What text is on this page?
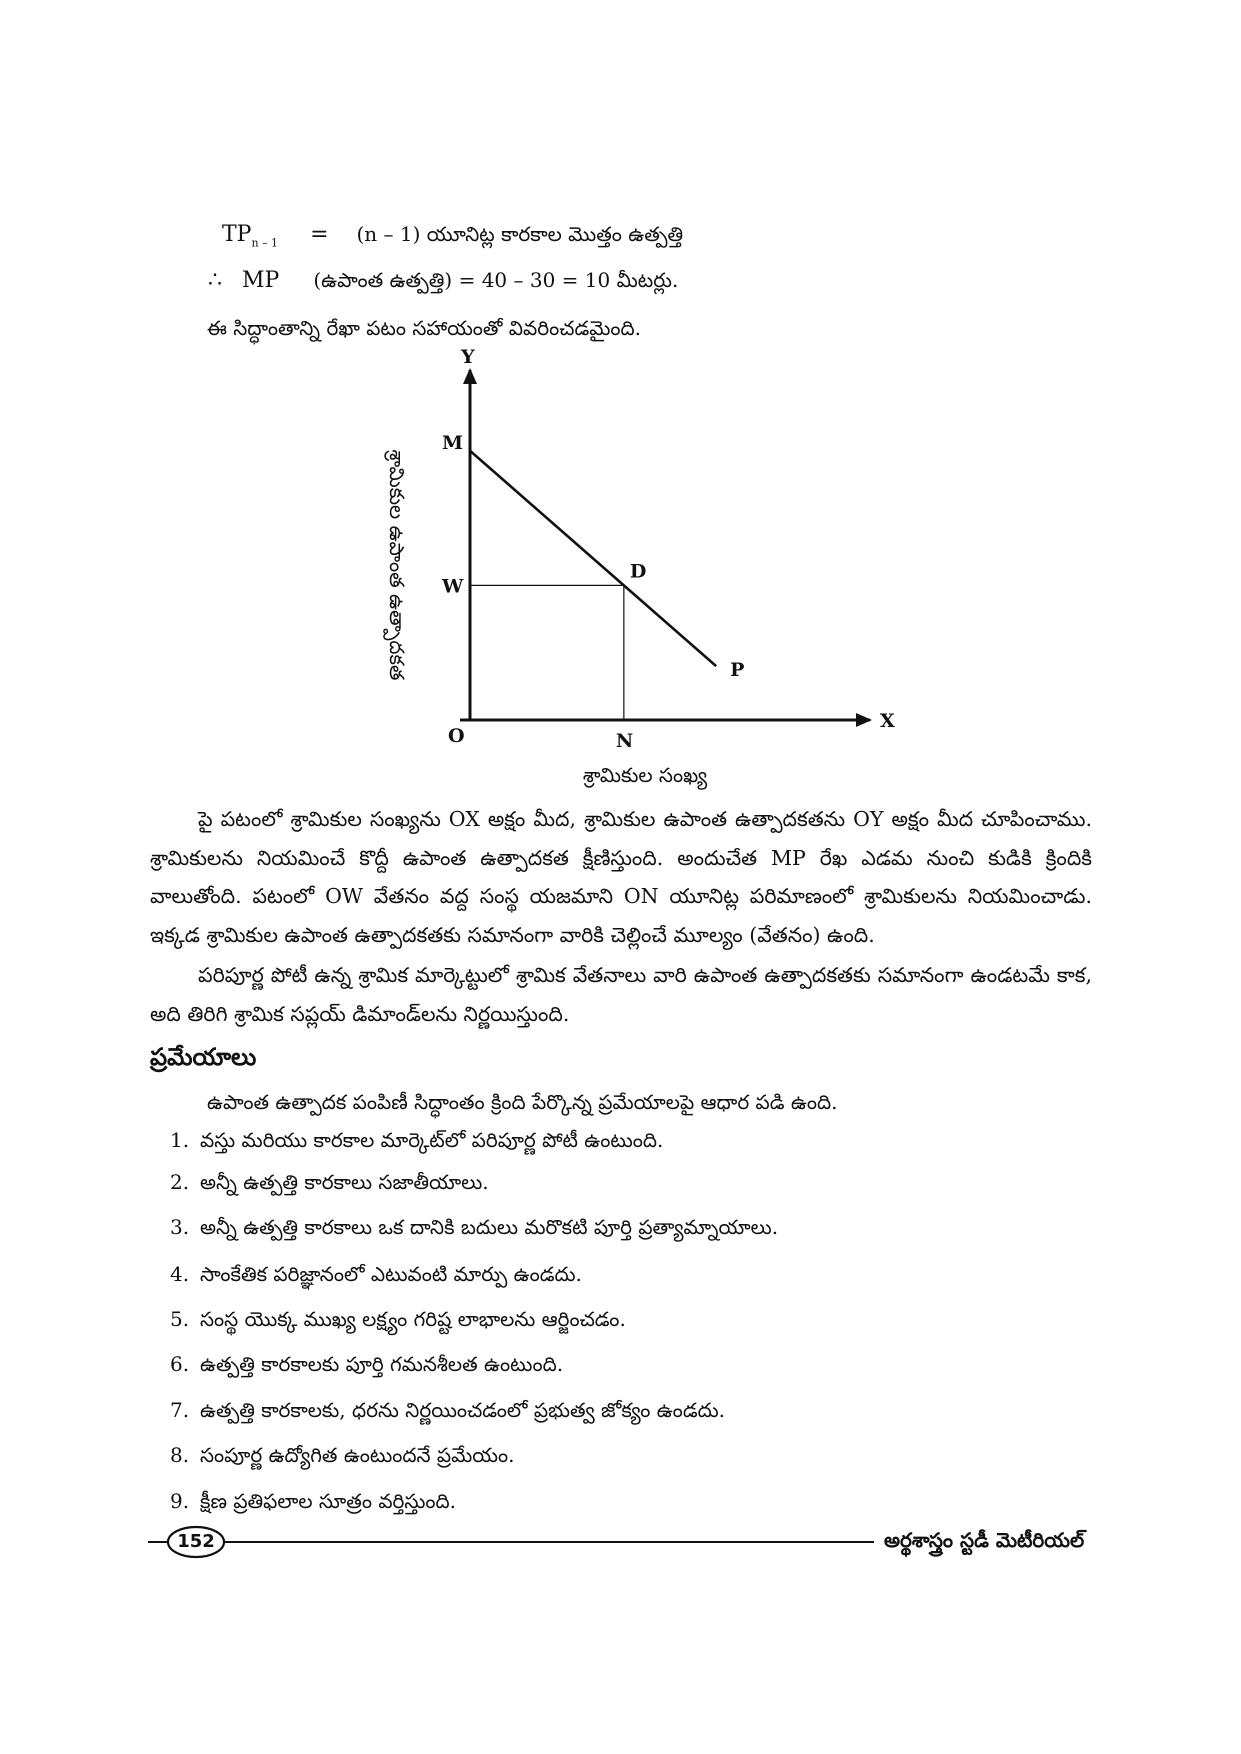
$TP_{n - 1} = (n - 1)$ యూనిట్ల కారకాల మొత్తం ఉత్పత్తి
∴ MP (ఉపాంత ఉత్పత్తి) = 40 – 30 = 10 మీటర్లు.
ఈ సిద్ధాంతాన్ని రేఖా పటం సహాయంతో వివరించడమైంది.
Y
X
O
M
D
P
W
N
శ్రామికుల సంఖ్య
శ్రామికుల ఉపాంత ఉత్పాదకత
పై పటంలో శ్రామికుల సంఖ్యను OX అక్షం మీద, శ్రామికుల ఉపాంత ఉత్పాదకతను OY అక్షం మీద చూపించాము. శ్రామికులను నియమించే కొద్దీ ఉపాంత ఉత్పాదకత క్షీణిస్తుంది. అందుచేత MP రేఖ ఎడమ నుంచి కుడికి క్రిందికి వాలుతోంది. పటంలో OW వేతనం వద్ద సంస్థ యజమాని ON యూనిట్ల పరిమాణంలో శ్రామికులను నియమించాడు. ఇక్కడ శ్రామికుల ఉపాంత ఉత్పాదకతకు సమానంగా వారికి చెల్లించే మూల్యం (వేతనం) ఉంది.
పరిపూర్ణ పోటీ ఉన్న శ్రామిక మార్కెట్టులో శ్రామిక వేతనాలు వారి ఉపాంత ఉత్పాదకతకు సమానంగా ఉండటమే కాక, అది తిరిగి శ్రామిక సప్లయ్ డిమాండ్‌లను నిర్ణయిస్తుంది.
ప్రమేయాలు
ఉపాంత ఉత్పాదక పంపిణీ సిద్ధాంతం క్రింది పేర్కొన్న ప్రమేయాలపై ఆధార పడి ఉంది.
1. వస్తు మరియు కారకాల మార్కెట్‌లో పరిపూర్ణ పోటీ ఉంటుంది.
2. అన్నీ ఉత్పత్తి కారకాలు సజాతీయాలు.
3. అన్నీ ఉత్పత్తి కారకాలు ఒక దానికి బదులు మరొకటి పూర్తి ప్రత్యామ్నాయాలు.
4. సాంకేతిక పరిజ్ఞానంలో ఎటువంటి మార్పు ఉండదు.
5. సంస్థ యొక్క ముఖ్య లక్ష్యం గరిష్ట లాభాలను ఆర్జించడం.
6. ఉత్పత్తి కారకాలకు పూర్తి గమనశీలత ఉంటుంది.
7. ఉత్పత్తి కారకాలకు, ధరను నిర్ణయించడంలో ప్రభుత్వ జోక్యం ఉండదు.
8. సంపూర్ణ ఉద్యోగిత ఉంటుందనే ప్రమేయం.
9. క్షీణ ప్రతిఫలాల సూత్రం వర్తిస్తుంది.
152	అర్థశాస్త్రం స్టడీ మెటీరియల్
